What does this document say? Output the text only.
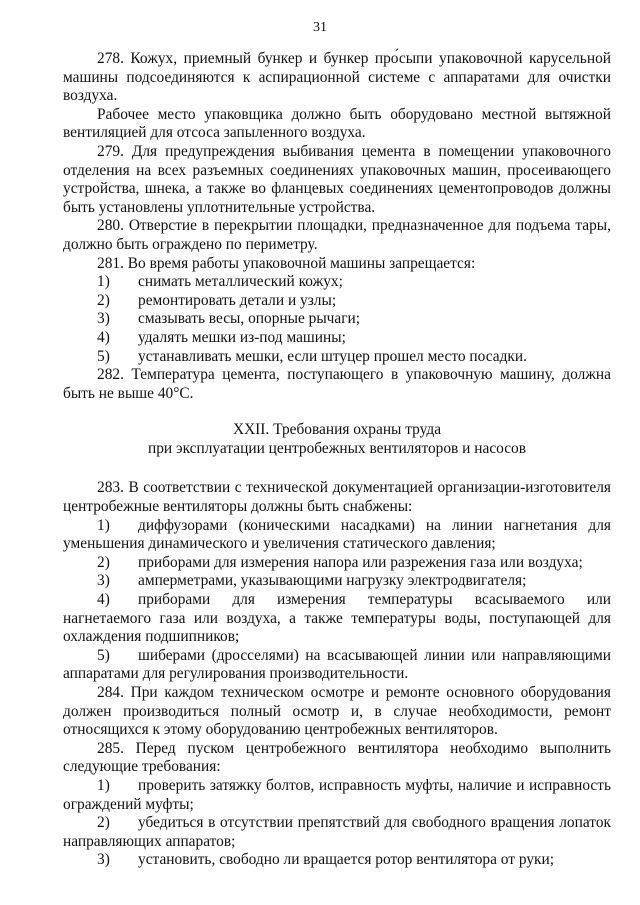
31

278. Кожух, приемный бункер и бункер про́сыпи упаковочной карусельной машины подсоединяются к аспирационной системе с аппаратами для очистки воздуха.

Рабочее место упаковщика должно быть оборудовано местной вытяжной вентиляцией для отсоса запыленного воздуха.

279. Для предупреждения выбивания цемента в помещении упаковочного отделения на всех разъемных соединениях упаковочных машин, просеивающего устройства, шнека, а также во фланцевых соединениях цементопроводов должны быть установлены уплотнительные устройства.

280. Отверстие в перекрытии площадки, предназначенное для подъема тары, должно быть ограждено по периметру.

281. Во время работы упаковочной машины запрещается:

1)	снимать металлический кожух;
2)	ремонтировать детали и узлы;
3)	смазывать весы, опорные рычаги;
4)	удалять мешки из-под машины;
5)	устанавливать мешки, если штуцер прошел место посадки.

282. Температура цемента, поступающего в упаковочную машину, должна быть не выше 40°С.

XXII. Требования охраны труда
при эксплуатации центробежных вентиляторов и насосов

283. В соответствии с технической документацией организации-изготовителя центробежные вентиляторы должны быть снабжены:

1) диффузорами (коническими насадками) на линии нагнетания для уменьшения динамического и увеличения статического давления;

2) приборами для измерения напора или разрежения газа или воздуха;

3) амперметрами, указывающими нагрузку электродвигателя;

4) приборами для измерения температуры всасываемого или нагнетаемого газа или воздуха, а также температуры воды, поступающей для охлаждения подшипников;

5) шиберами (дросселями) на всасывающей линии или направляющими аппаратами для регулирования производительности.

284. При каждом техническом осмотре и ремонте основного оборудования должен производиться полный осмотр и, в случае необходимости, ремонт относящихся к этому оборудованию центробежных вентиляторов.

285. Перед пуском центробежного вентилятора необходимо выполнить следующие требования:

1) проверить затяжку болтов, исправность муфты, наличие и исправность ограждений муфты;

2) убедиться в отсутствии препятствий для свободного вращения лопаток направляющих аппаратов;

3) установить, свободно ли вращается ротор вентилятора от руки;
